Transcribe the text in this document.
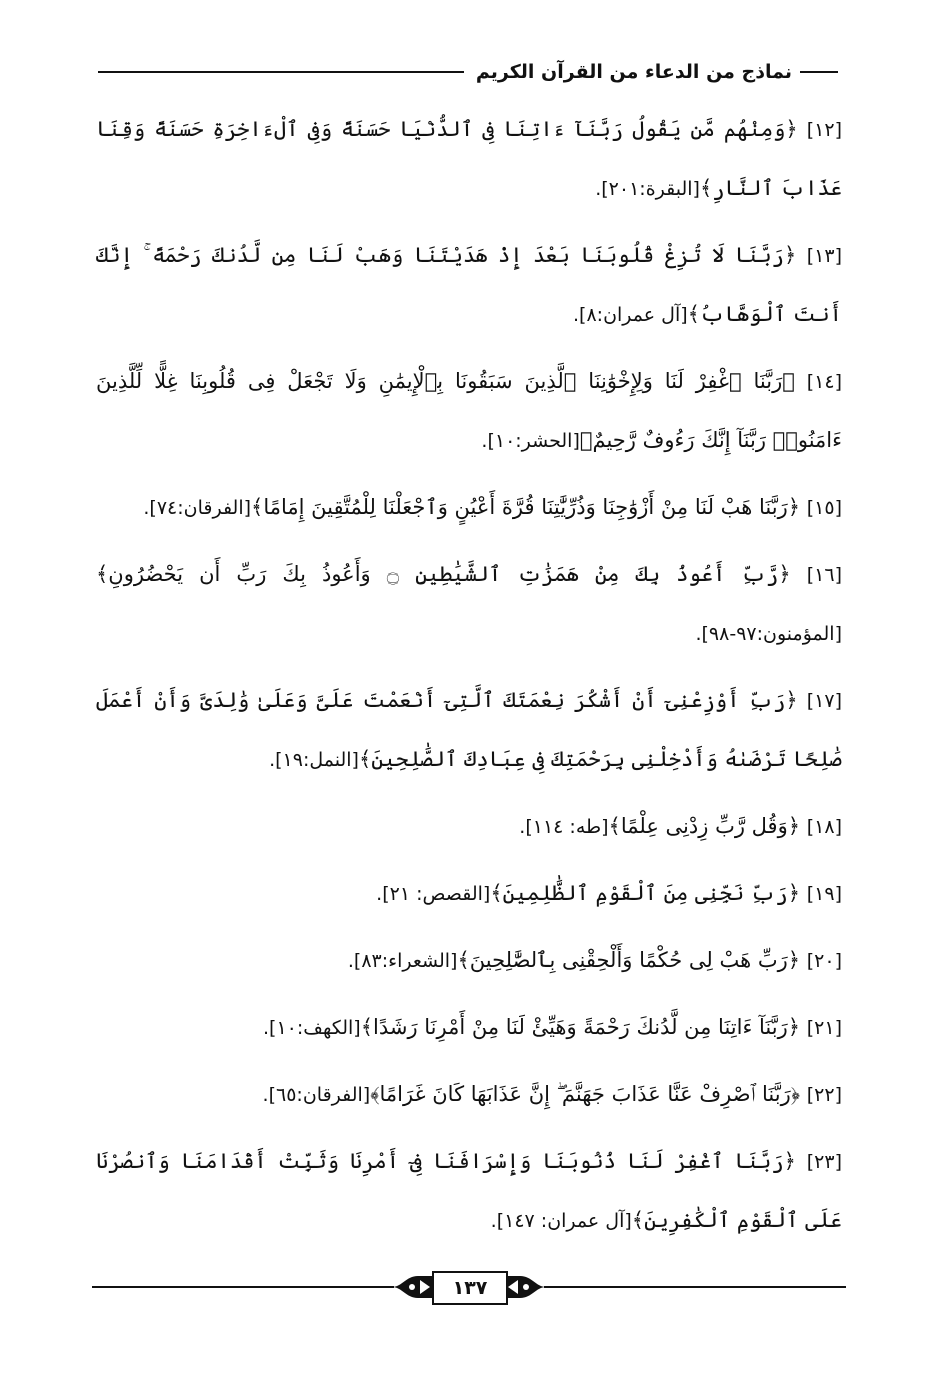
نماذج من الدعاء من القرآن الكريم

[١٢] ﴿وَمِنْهُم مَّن يَقُولُ رَبَّنَآ ءَاتِنَا فِى ٱلدُّنْيَا حَسَنَةً وَفِى ٱلْءَاخِرَةِ حَسَنَةً وَقِنَا عَذَابَ ٱلنَّارِ﴾[البقرة:٢٠١].

[١٣] ﴿رَبَّنَا لَا تُزِغْ قُلُوبَنَا بَعْدَ إِذْ هَدَيْتَنَا وَهَبْ لَنَا مِن لَّدُنكَ رَحْمَةً ۚ إِنَّكَ أَنتَ ٱلْوَهَّابُ﴾[آل عمران:٨].

[١٤] ﴿رَبَّنَا ٱغْفِرْ لَنَا وَلِإِخْوَٰنِنَا ٱلَّذِينَ سَبَقُونَا بِٱلْإِيمَٰنِ وَلَا تَجْعَلْ فِى قُلُوبِنَا غِلًّا لِّلَّذِينَ ءَامَنُوا۟ رَبَّنَآ إِنَّكَ رَءُوفٌ رَّحِيمٌ﴾[الحشر:١٠].

[١٥] ﴿رَبَّنَا هَبْ لَنَا مِنْ أَزْوَٰجِنَا وَذُرِّيَّٰتِنَا قُرَّةَ أَعْيُنٍ وَٱجْعَلْنَا لِلْمُتَّقِينَ إِمَامًا﴾[الفرقان:٧٤].

[١٦] ﴿رَّبِّ أَعُوذُ بِكَ مِنْ هَمَزَٰتِ ٱلشَّيَٰطِينِ ۝ وَأَعُوذُ بِكَ رَبِّ أَن يَحْضُرُونِ﴾[المؤمنون:٩٧-٩٨].

[١٧] ﴿رَبِّ أَوْزِعْنِىٓ أَنْ أَشْكُرَ نِعْمَتَكَ ٱلَّتِىٓ أَنْعَمْتَ عَلَىَّ وَعَلَىٰ وَٰلِدَىَّ وَأَنْ أَعْمَلَ صَٰلِحًا تَرْضَىٰهُ وَأَدْخِلْنِى بِرَحْمَتِكَ فِى عِبَادِكَ ٱلصَّٰلِحِينَ﴾[النمل:١٩].

[١٨] ﴿وَقُل رَّبِّ زِدْنِى عِلْمًا﴾[طه: ١١٤].

[١٩] ﴿رَبِّ نَجِّنِى مِنَ ٱلْقَوْمِ ٱلظَّٰلِمِينَ﴾[القصص: ٢١].

[٢٠] ﴿رَبِّ هَبْ لِى حُكْمًا وَأَلْحِقْنِى بِٱلصَّٰلِحِينَ﴾[الشعراء:٨٣].

[٢١] ﴿رَبَّنَآ ءَاتِنَا مِن لَّدُنكَ رَحْمَةً وَهَيِّئْ لَنَا مِنْ أَمْرِنَا رَشَدًا﴾[الكهف:١٠].

[٢٢] ﴿رَبَّنَا ٱصْرِفْ عَنَّا عَذَابَ جَهَنَّمَ ۖ إِنَّ عَذَابَهَا كَانَ غَرَامًا﴾[الفرقان:٦٥].

[٢٣] ﴿رَبَّنَا ٱغْفِرْ لَنَا ذُنُوبَنَا وَإِسْرَافَنَا فِىٓ أَمْرِنَا وَثَبِّتْ أَقْدَامَنَا وَٱنصُرْنَا عَلَى ٱلْقَوْمِ ٱلْكَٰفِرِينَ﴾[آل عمران: ١٤٧].

١٣٧
